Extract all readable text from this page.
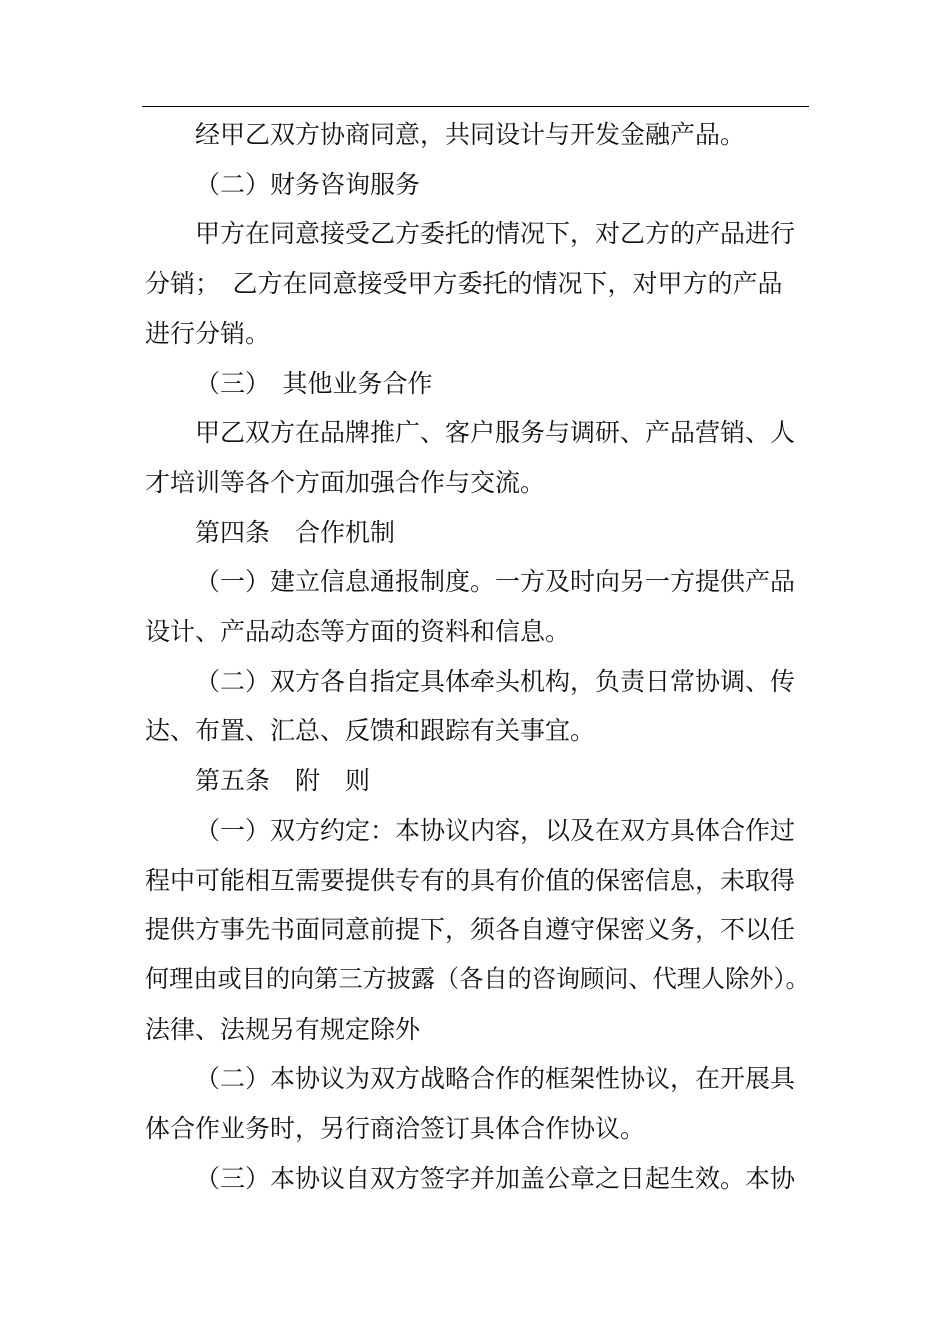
经甲乙双方协商同意，共同设计与开发金融产品。

（二）财务咨询服务

甲方在同意接受乙方委托的情况下，对乙方的产品进行

分销；　乙方在同意接受甲方委托的情况下，对甲方的产品

进行分销。

（三）　其他业务合作

甲乙双方在品牌推广、客户服务与调研、产品营销、人

才培训等各个方面加强合作与交流。

第四条　合作机制

（一）建立信息通报制度。一方及时向另一方提供产品

设计、产品动态等方面的资料和信息。

（二）双方各自指定具体牵头机构，负责日常协调、传

达、布置、汇总、反馈和跟踪有关事宜。

第五条　附　则

（一）双方约定：本协议内容，以及在双方具体合作过

程中可能相互需要提供专有的具有价值的保密信息，未取得

提供方事先书面同意前提下，须各自遵守保密义务，不以任

何理由或目的向第三方披露（各自的咨询顾问、代理人除外）。

法律、法规另有规定除外

（二）本协议为双方战略合作的框架性协议，在开展具

体合作业务时，另行商洽签订具体合作协议。

（三）本协议自双方签字并加盖公章之日起生效。本协
